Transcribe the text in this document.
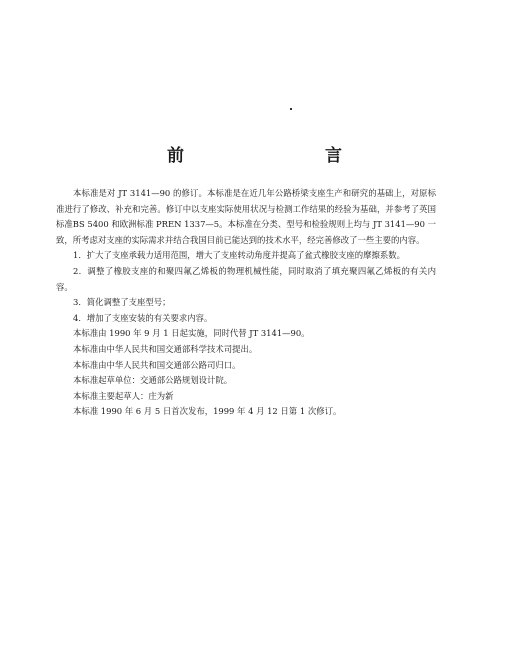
前　言

本标准是对 JT 3141—90 的修订。本标准是在近几年公路桥梁支座生产和研究的基础上，对原标准进行了修改、补充和完善。修订中以支座实际使用状况与检测工作结果的经验为基础，并参考了英国标准BS 5400 和欧洲标准 PREN 1337—5。本标准在分类、型号和检验规则上均与 JT 3141—90 一致，所考虑对支座的实际需求并结合我国目前已能达到的技术水平，经完善修改了一些主要的内容。

1．扩大了支座承载力适用范围，增大了支座转动角度并提高了盆式橡胶支座的摩擦系数。

2．调整了橡胶支座的和聚四氟乙烯板的物理机械性能，同时取消了填充聚四氟乙烯板的有关内容。

3．简化调整了支座型号；

4．增加了支座安装的有关要求内容。

本标准由 1990 年 9 月 1 日起实施，同时代替 JT 3141—90。

本标准由中华人民共和国交通部科学技术司提出。

本标准由中华人民共和国交通部公路司归口。

本标准起草单位：交通部公路规划设计院。

本标准主要起草人：庄为新

本标准 1990 年 6 月 5 日首次发布，1999 年 4 月 12 日第 1 次修订。
